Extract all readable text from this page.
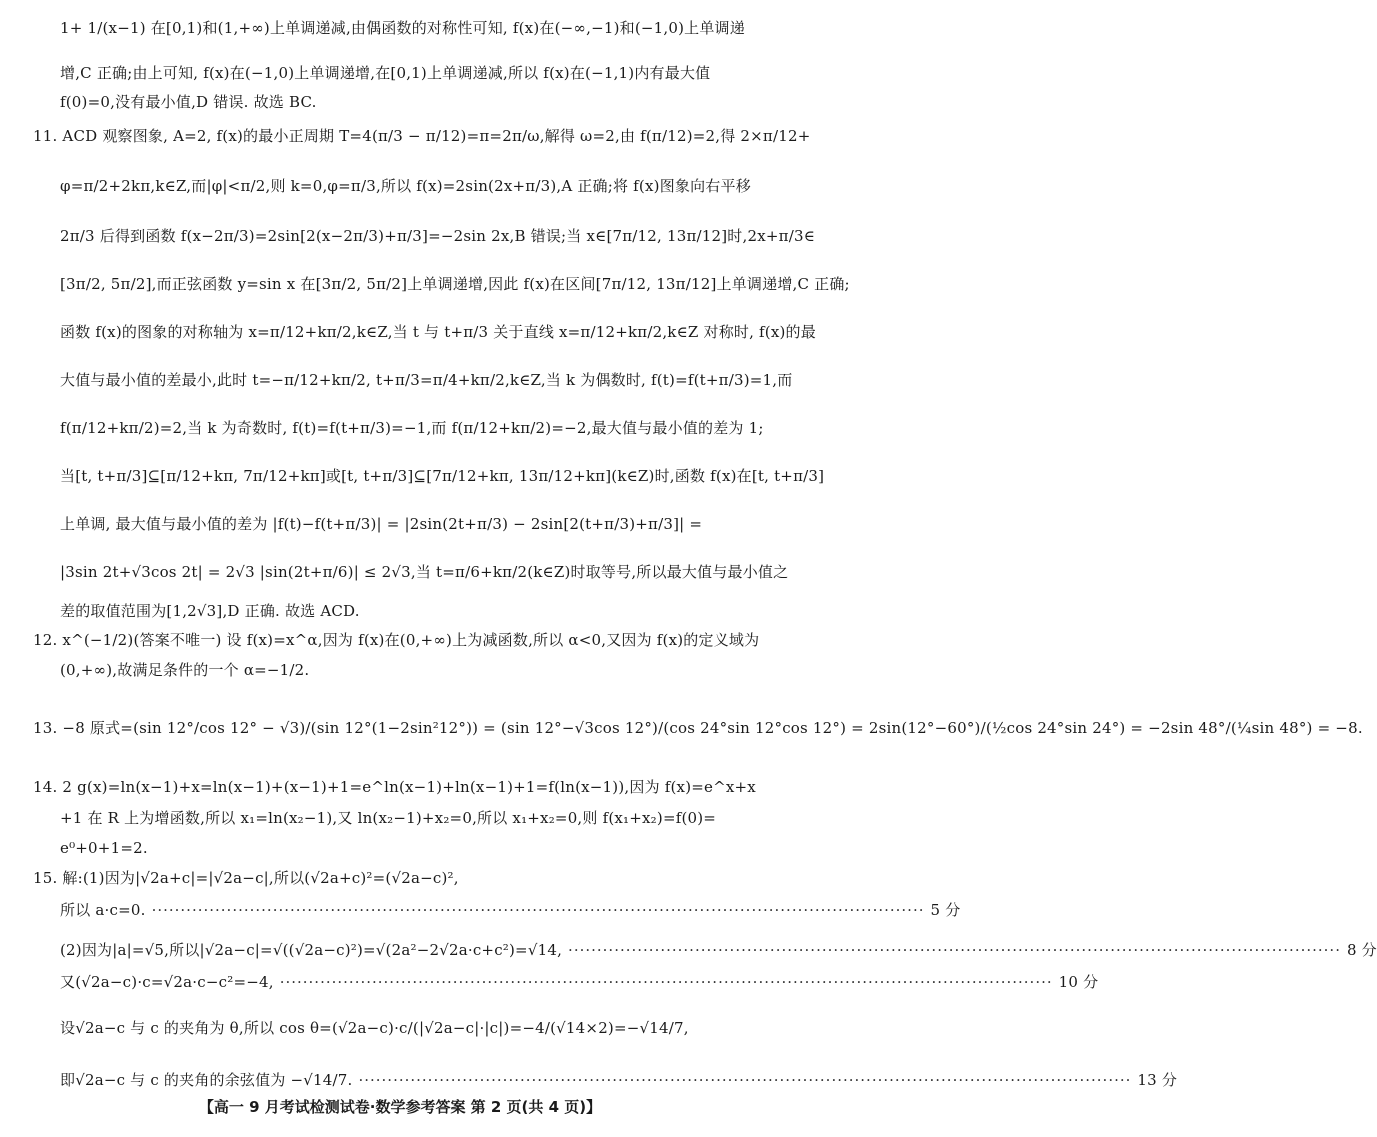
1+ 1/(x−1) 在[0,1)和(1,+∞)上单调递减,由偶函数的对称性可知, f(x)在(−∞,−1)和(−1,0)上单调递
增,C 正确;由上可知, f(x)在(−1,0)上单调递增,在[0,1)上单调递减,所以 f(x)在(−1,1)内有最大值
f(0)=0,没有最小值,D 错误. 故选 BC.
11. ACD 观察图象, A=2, f(x)的最小正周期 T=4(π/3 − π/12)=π=2π/ω,解得 ω=2,由 f(π/12)=2,得 2×π/12+
φ=π/2+2kπ,k∈Z,而|φ|<π/2,则 k=0,φ=π/3,所以 f(x)=2sin(2x+π/3),A 正确;将 f(x)图象向右平移
2π/3 后得到函数 f(x−2π/3)=2sin[2(x−2π/3)+π/3]=−2sin 2x,B 错误;当 x∈[7π/12, 13π/12]时,2x+π/3∈
[3π/2, 5π/2],而正弦函数 y=sin x 在[3π/2, 5π/2]上单调递增,因此 f(x)在区间[7π/12, 13π/12]上单调递增,C 正确;
函数 f(x)的图象的对称轴为 x=π/12+kπ/2,k∈Z,当 t 与 t+π/3 关于直线 x=π/12+kπ/2,k∈Z 对称时, f(x)的最
大值与最小值的差最小,此时 t=−π/12+kπ/2, t+π/3=π/4+kπ/2,k∈Z,当 k 为偶数时, f(t)=f(t+π/3)=1,而
f(π/12+kπ/2)=2,当 k 为奇数时, f(t)=f(t+π/3)=−1,而 f(π/12+kπ/2)=−2,最大值与最小值的差为 1;
当[t, t+π/3]⊆[π/12+kπ, 7π/12+kπ]或[t, t+π/3]⊆[7π/12+kπ, 13π/12+kπ](k∈Z)时,函数 f(x)在[t, t+π/3]
上单调, 最大值与最小值的差为 |f(t)−f(t+π/3)| = |2sin(2t+π/3) − 2sin[2(t+π/3)+π/3]| =
|3sin 2t+√3cos 2t| = 2√3 |sin(2t+π/6)| ≤ 2√3,当 t=π/6+kπ/2(k∈Z)时取等号,所以最大值与最小值之
差的取值范围为[1,2√3],D 正确. 故选 ACD.
12. x^(−1/2)(答案不唯一) 设 f(x)=x^α,因为 f(x)在(0,+∞)上为减函数,所以 α<0,又因为 f(x)的定义域为
(0,+∞),故满足条件的一个 α=−1/2.
13. −8 原式=(sin 12°/cos 12° − √3)/(sin 12°(1−2sin²12°)) = (sin 12°−√3cos 12°)/(cos 24°sin 12°cos 12°) = 2sin(12°−60°)/(½cos 24°sin 24°) = −2sin 48°/(¼sin 48°) = −8.
14. 2 g(x)=ln(x−1)+x=ln(x−1)+(x−1)+1=e^ln(x−1)+ln(x−1)+1=f(ln(x−1)),因为 f(x)=e^x+x
+1 在 R 上为增函数,所以 x₁=ln(x₂−1),又 ln(x₂−1)+x₂=0,所以 x₁+x₂=0,则 f(x₁+x₂)=f(0)=
e⁰+0+1=2.
15. 解:(1)因为|√2a+c|=|√2a−c|,所以(√2a+c)²=(√2a−c)²,
所以 a·c=0. ······································································································································ 5 分
(2)因为|a|=√5,所以|√2a−c|=√((√2a−c)²)=√(2a²−2√2a·c+c²)=√14, ······································································································································ 8 分
又(√2a−c)·c=√2a·c−c²=−4, ······································································································································ 10 分
即√2a−c 与 c 的夹角的余弦值为 −√14/7. ······································································································································ 13 分
设√2a−c 与 c 的夹角为 θ,所以 cos θ=(√2a−c)·c/(|√2a−c|·|c|)=−4/(√14×2)=−√14/7,
【高一 9 月考试检测试卷·数学参考答案 第 2 页(共 4 页)】
